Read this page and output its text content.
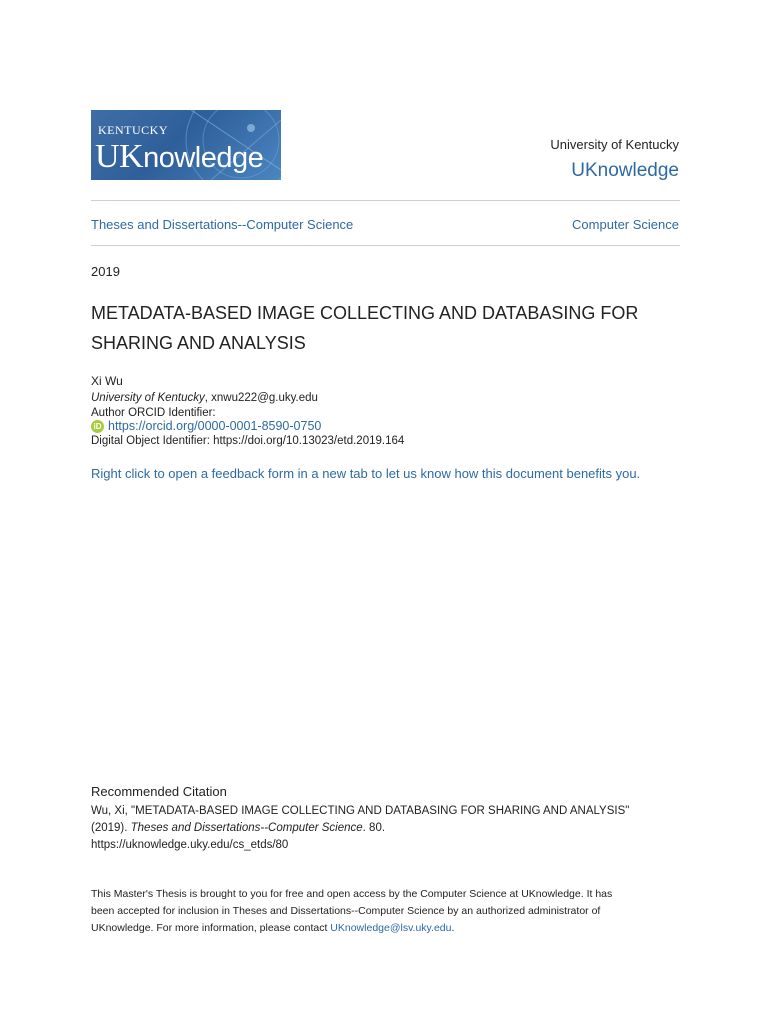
KENTUCKY
UKnowledge	University of Kentucky
UKnowledge
Theses and Dissertations--Computer Science	Computer Science
2019
METADATA-BASED IMAGE COLLECTING AND DATABASING FOR SHARING AND ANALYSIS
Xi Wu
University of Kentucky, xnwu222@g.uky.edu
Author ORCID Identifier:
iD https://orcid.org/0000-0001-8590-0750
Digital Object Identifier: https://doi.org/10.13023/etd.2019.164
Right click to open a feedback form in a new tab to let us know how this document benefits you.
Recommended Citation
Wu, Xi, "METADATA-BASED IMAGE COLLECTING AND DATABASING FOR SHARING AND ANALYSIS"
(2019). Theses and Dissertations--Computer Science. 80.
https://uknowledge.uky.edu/cs_etds/80
This Master's Thesis is brought to you for free and open access by the Computer Science at UKnowledge. It has
been accepted for inclusion in Theses and Dissertations--Computer Science by an authorized administrator of
UKnowledge. For more information, please contact UKnowledge@lsv.uky.edu.
